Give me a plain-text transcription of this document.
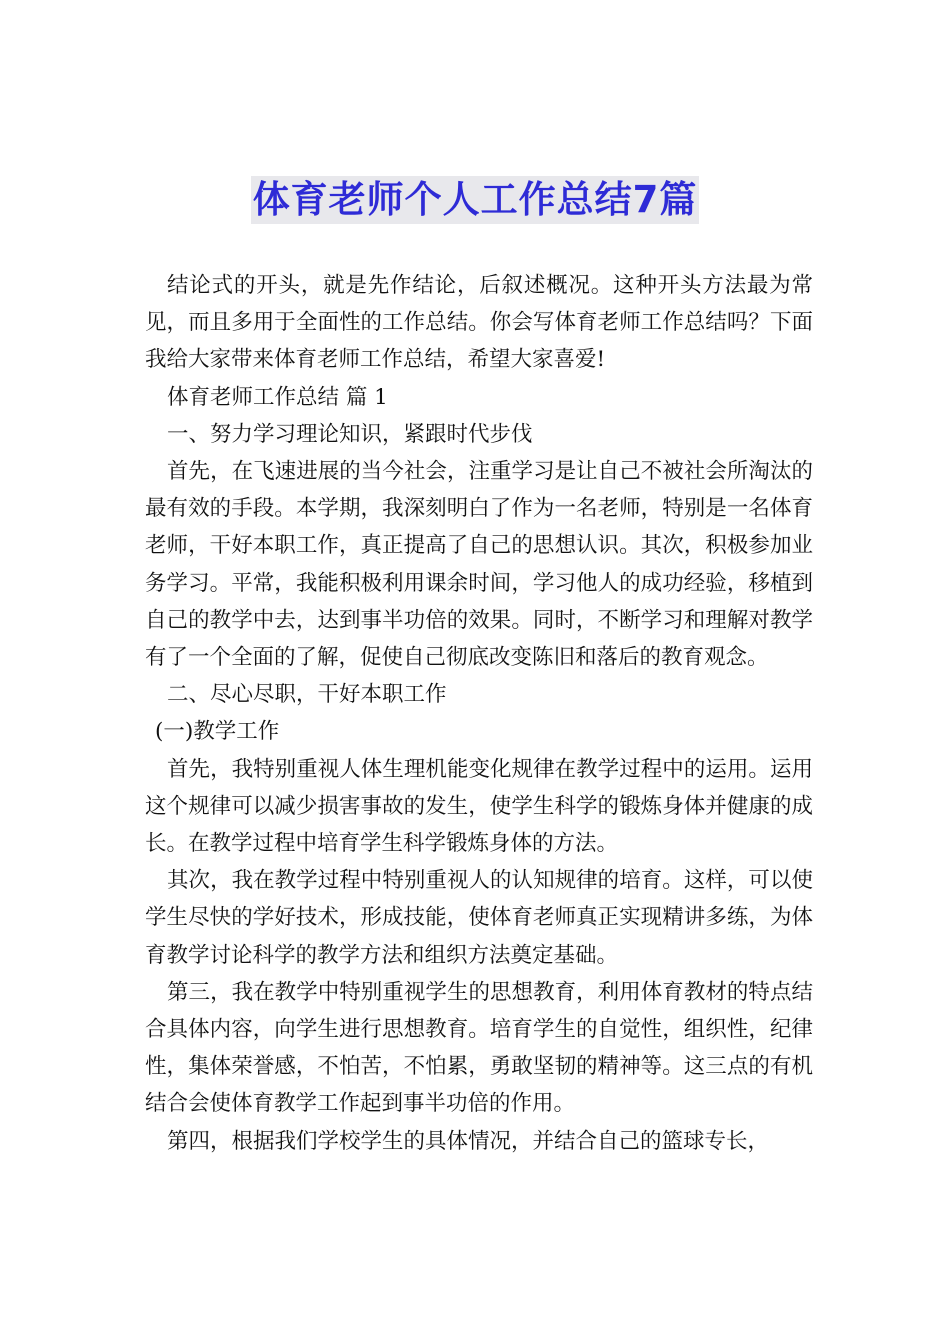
体育老师个人工作总结7篇

结论式的开头，就是先作结论，后叙述概况。这种开头方法最为常见，而且多用于全面性的工作总结。你会写体育老师工作总结吗？下面我给大家带来体育老师工作总结，希望大家喜爱!

体育老师工作总结 篇 1

一、努力学习理论知识，紧跟时代步伐

首先，在飞速进展的当今社会，注重学习是让自己不被社会所淘汰的最有效的手段。本学期，我深刻明白了作为一名老师，特别是一名体育老师，干好本职工作，真正提高了自己的思想认识。其次，积极参加业务学习。平常，我能积极利用课余时间，学习他人的成功经验，移植到自己的教学中去，达到事半功倍的效果。同时，不断学习和理解对教学有了一个全面的了解，促使自己彻底改变陈旧和落后的教育观念。

二、尽心尽职，干好本职工作

(一)教学工作

首先，我特别重视人体生理机能变化规律在教学过程中的运用。运用这个规律可以减少损害事故的发生，使学生科学的锻炼身体并健康的成长。在教学过程中培育学生科学锻炼身体的方法。

其次，我在教学过程中特别重视人的认知规律的培育。这样，可以使学生尽快的学好技术，形成技能，使体育老师真正实现精讲多练，为体育教学讨论科学的教学方法和组织方法奠定基础。

第三，我在教学中特别重视学生的思想教育，利用体育教材的特点结合具体内容，向学生进行思想教育。培育学生的自觉性，组织性，纪律性，集体荣誉感，不怕苦，不怕累，勇敢坚韧的精神等。这三点的有机结合会使体育教学工作起到事半功倍的作用。

第四，根据我们学校学生的具体情况，并结合自己的篮球专长，
